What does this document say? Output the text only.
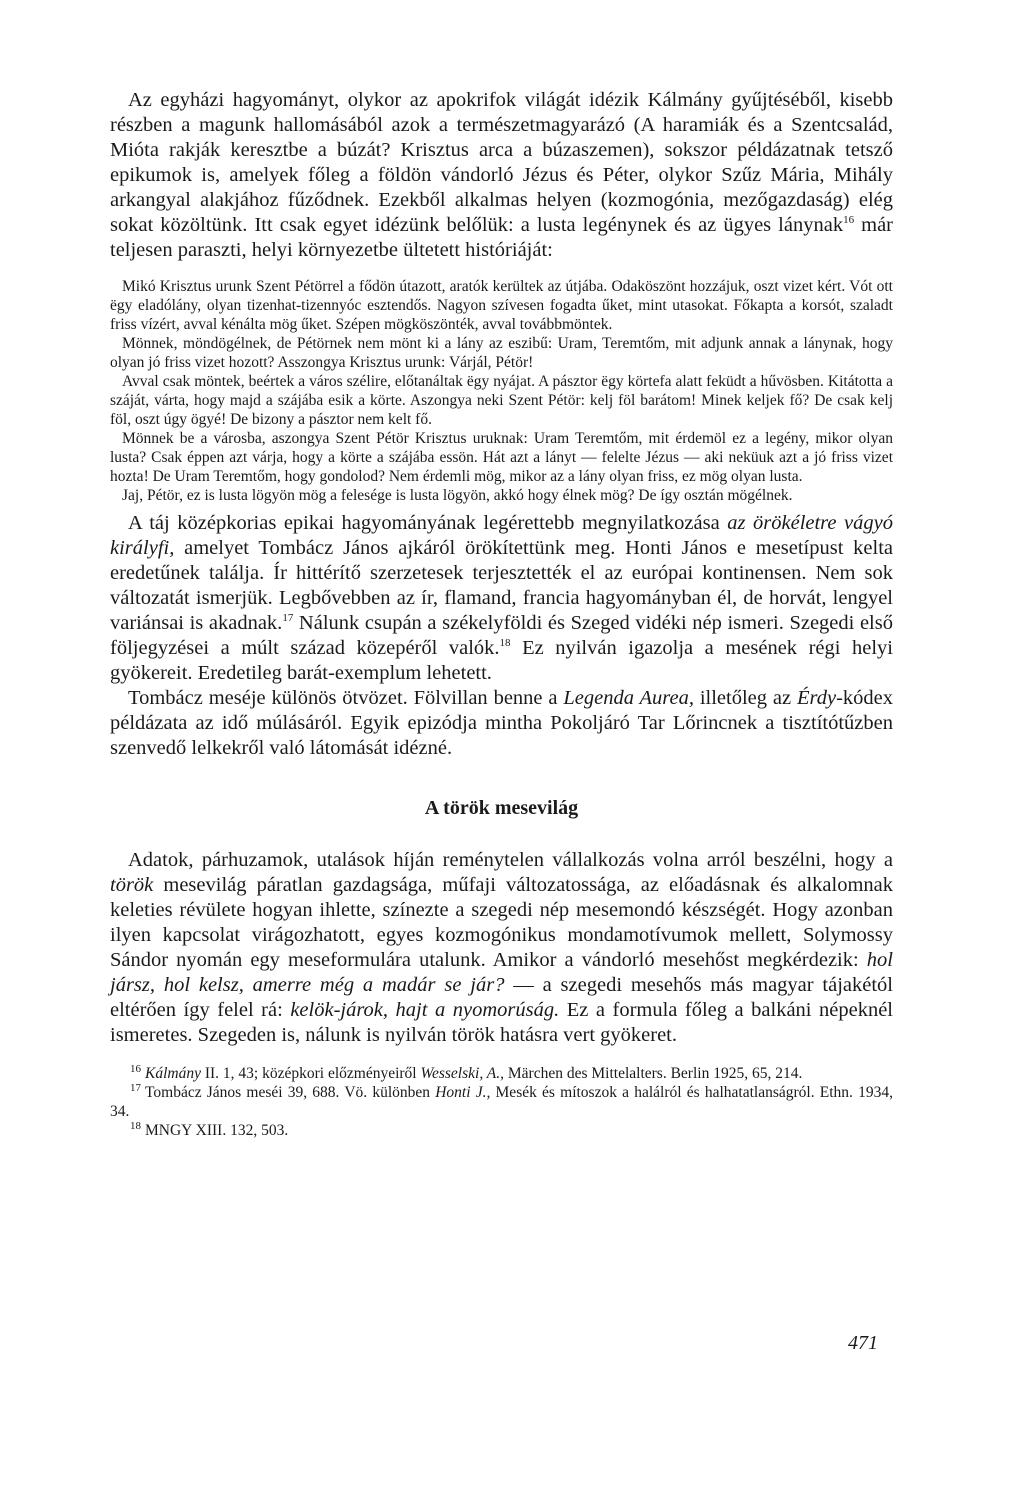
Az egyházi hagyományt, olykor az apokrifok világát idézik Kálmány gyűjtéséből, kisebb részben a magunk hallomásából azok a természetmagyarázó (A haramiák és a Szentcsalád, Mióta rakják keresztbe a búzát? Krisztus arca a búzaszemen), sokszor példázatnak tetsző epikumok is, amelyek főleg a földön vándorló Jézus és Péter, olykor Szűz Mária, Mihály arkangyal alakjához fűződnek. Ezekből alkalmas helyen (kozmogónia, mezőgazdaság) elég sokat közöltünk. Itt csak egyet idézünk belőlük: a lusta legénynek és az ügyes lánynak$^{16}$ már teljesen paraszti, helyi környezetbe ültetett históriáját:

Mikó Krisztus urunk Szent Pétörrel a fődön útazott, aratók kerültek az útjába. Odaköszönt hozzájuk, oszt vizet kért. Vót ott ëgy eladólány, olyan tizenhat-tizennyóc esztendős. Nagyon szívesen fogadta űket, mint utasokat. Főkapta a korsót, szaladt friss vízért, avval kénálta mög űket. Szépen mögköszönték, avval továbbmöntek.

Mönnek, möndögélnek, de Pétörnek nem mönt ki a lány az eszibű: Uram, Teremtőm, mit adjunk annak a lánynak, hogy olyan jó friss vizet hozott? Asszongya Krisztus urunk: Várjál, Pétör!

Avval csak möntek, beértek a város szélire, előtanáltak ëgy nyájat. A pásztor ëgy körtefa alatt feküdt a hűvösben. Kitátotta a száját, várta, hogy majd a szájába esik a körte. Aszongya neki Szent Pétör: kelj föl barátom! Minek keljek fő? De csak kelj föl, oszt úgy ögyé! De bizony a pásztor nem kelt fő.

Mönnek be a városba, aszongya Szent Pétör Krisztus uruknak: Uram Teremtőm, mit érdemöl ez a legény, mikor olyan lusta? Csak éppen azt várja, hogy a körte a szájába essön. Hát azt a lányt — felelte Jézus — aki neküuk azt a jó friss vizet hozta! De Uram Teremtőm, hogy gondolod? Nem érdemli mög, mikor az a lány olyan friss, ez mög olyan lusta.

Jaj, Pétör, ez is lusta lögyön mög a felesége is lusta lögyön, akkó hogy élnek mög? De így osztán mögélnek.

A táj középkorias epikai hagyományának legérettebb megnyilatkozása az örökéletre vágyó királyfi, amelyet Tombácz János ajkáról örökítettünk meg. Honti János e mesetípust kelta eredetűnek találja. Ír hittérítő szerzetesek terjesztették el az európai kontinensen. Nem sok változatát ismerjük. Legbővebben az ír, flamand, francia hagyományban él, de horvát, lengyel variánsai is akadnak.$^{17}$ Nálunk csupán a székelyföldi és Szeged vidéki nép ismeri. Szegedi első följegyzései a múlt század közepéről valók.$^{18}$ Ez nyilván igazolja a mesének régi helyi gyökereit. Eredetileg barát-exemplum lehetett.

Tombácz meséje különös ötvözet. Fölvillan benne a Legenda Aurea, illetőleg az Érdy-kódex példázata az idő múlásáról. Egyik epizódja mintha Pokoljáró Tar Lőrincnek a tisztítótűzben szenvedő lelkekről való látomását idézné.

A török mesevilág

Adatok, párhuzamok, utalások híján reménytelen vállalkozás volna arról beszélni, hogy a török mesevilág páratlan gazdagsága, műfaji változatossága, az előadásnak és alkalomnak keleties révülete hogyan ihlette, színezte a szegedi nép mesemondó készségét. Hogy azonban ilyen kapcsolat virágozhatott, egyes kozmogónikus mondamotívumok mellett, Solymossy Sándor nyomán egy meseformulára utalunk. Amikor a vándorló mesehőst megkérdezik: hol jársz, hol kelsz, amerre még a madár se jár? — a szegedi mesehős más magyar tájakétól eltérően így felel rá: kelök-járok, hajt a nyomorúság. Ez a formula főleg a balkáni népeknél ismeretes. Szegeden is, nálunk is nyilván török hatásra vert gyökeret.

$^{16}$ Kálmány II. 1, 43; középkori előzményeiről Wesselski, A., Märchen des Mittelalters. Berlin 1925, 65, 214.

$^{17}$ Tombácz János meséi 39, 688. Vö. különben Honti J., Mesék és mítoszok a halálról és halhatatlanságról. Ethn. 1934, 34.

$^{18}$ MNGY XIII. 132, 503.

471
